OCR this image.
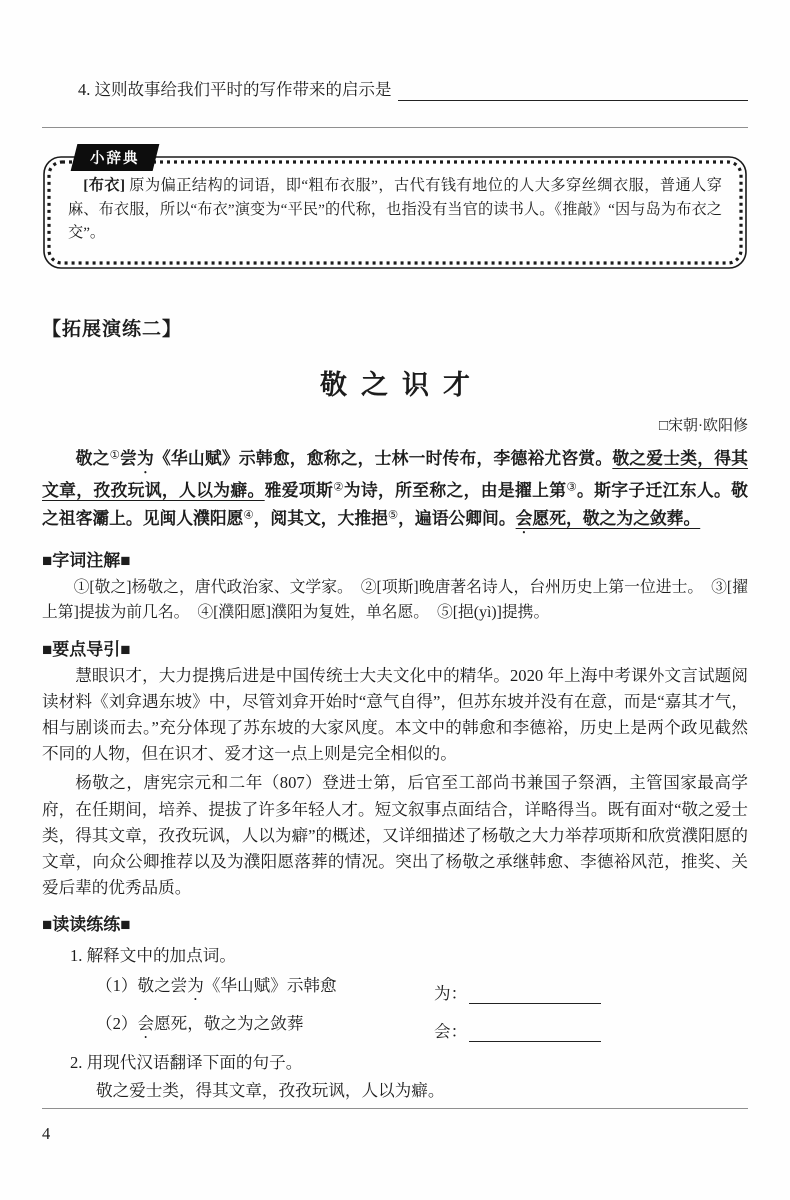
4. 这则故事给我们平时的写作带来的启示是
小辞典

[布衣] 原为偏正结构的词语，即“粗布衣服”，古代有钱有地位的人大多穿丝绸衣服，普通人穿麻、布衣服，所以“布衣”演变为“平民”的代称，也指没有当官的读书人。《推敲》“因与岛为布衣之交”。

【拓展演练二】
敬之识才
□宋朝·欧阳修

敬之①尝为《华山赋》示韩愈，愈称之，士林一时传布，李德裕尤咨赏。敬之爱士类，得其文章，孜孜玩讽，人以为癖。雅爱项斯②为诗，所至称之，由是擢上第③。斯字子迁江东人。敬之祖客灞上。见闽人濮阳愿④，阅其文，大推挹⑤，遍语公卿间。会愿死，敬之为之敛葬。

■字词注解■

①[敬之]杨敬之，唐代政治家、文学家。　 ②[项斯]晚唐著名诗人，台州历史上第一位进士。　 ③[擢上第]提拔为前几名。　 ④[濮阳愿]濮阳为复姓，单名愿。　 ⑤[挹(yì)]提携。

■要点导引■

慧眼识才，大力提携后进是中国传统士大夫文化中的精华。2020 年上海中考课外文言试题阅读材料《刘弇遇东坡》中，尽管刘弇开始时“意气自得”，但苏东坡并没有在意，而是“嘉其才气，相与剧谈而去。”充分体现了苏东坡的大家风度。本文中的韩愈和李德裕，历史上是两个政见截然不同的人物，但在识才、爱才这一点上则是完全相似的。

杨敬之，唐宪宗元和二年（807）登进士第，后官至工部尚书兼国子祭酒，主管国家最高学府，在任期间，培养、提拔了许多年轻人才。短文叙事点面结合，详略得当。既有面对“敬之爱士类，得其文章，孜孜玩讽，人以为癖”的概述，又详细描述了杨敬之大力举荐项斯和欣赏濮阳愿的文章，向众公卿推荐以及为濮阳愿落葬的情况。突出了杨敬之承继韩愈、李德裕风范，推奖、关爱后辈的优秀品质。

■读读练练■

1. 解释文中的加点词。

（1）敬之尝为《华山赋》示韩愈	为：
（2）会愿死，敬之为之敛葬	会：

2. 用现代汉语翻译下面的句子。

敬之爱士类，得其文章，孜孜玩讽，人以为癖。

4
